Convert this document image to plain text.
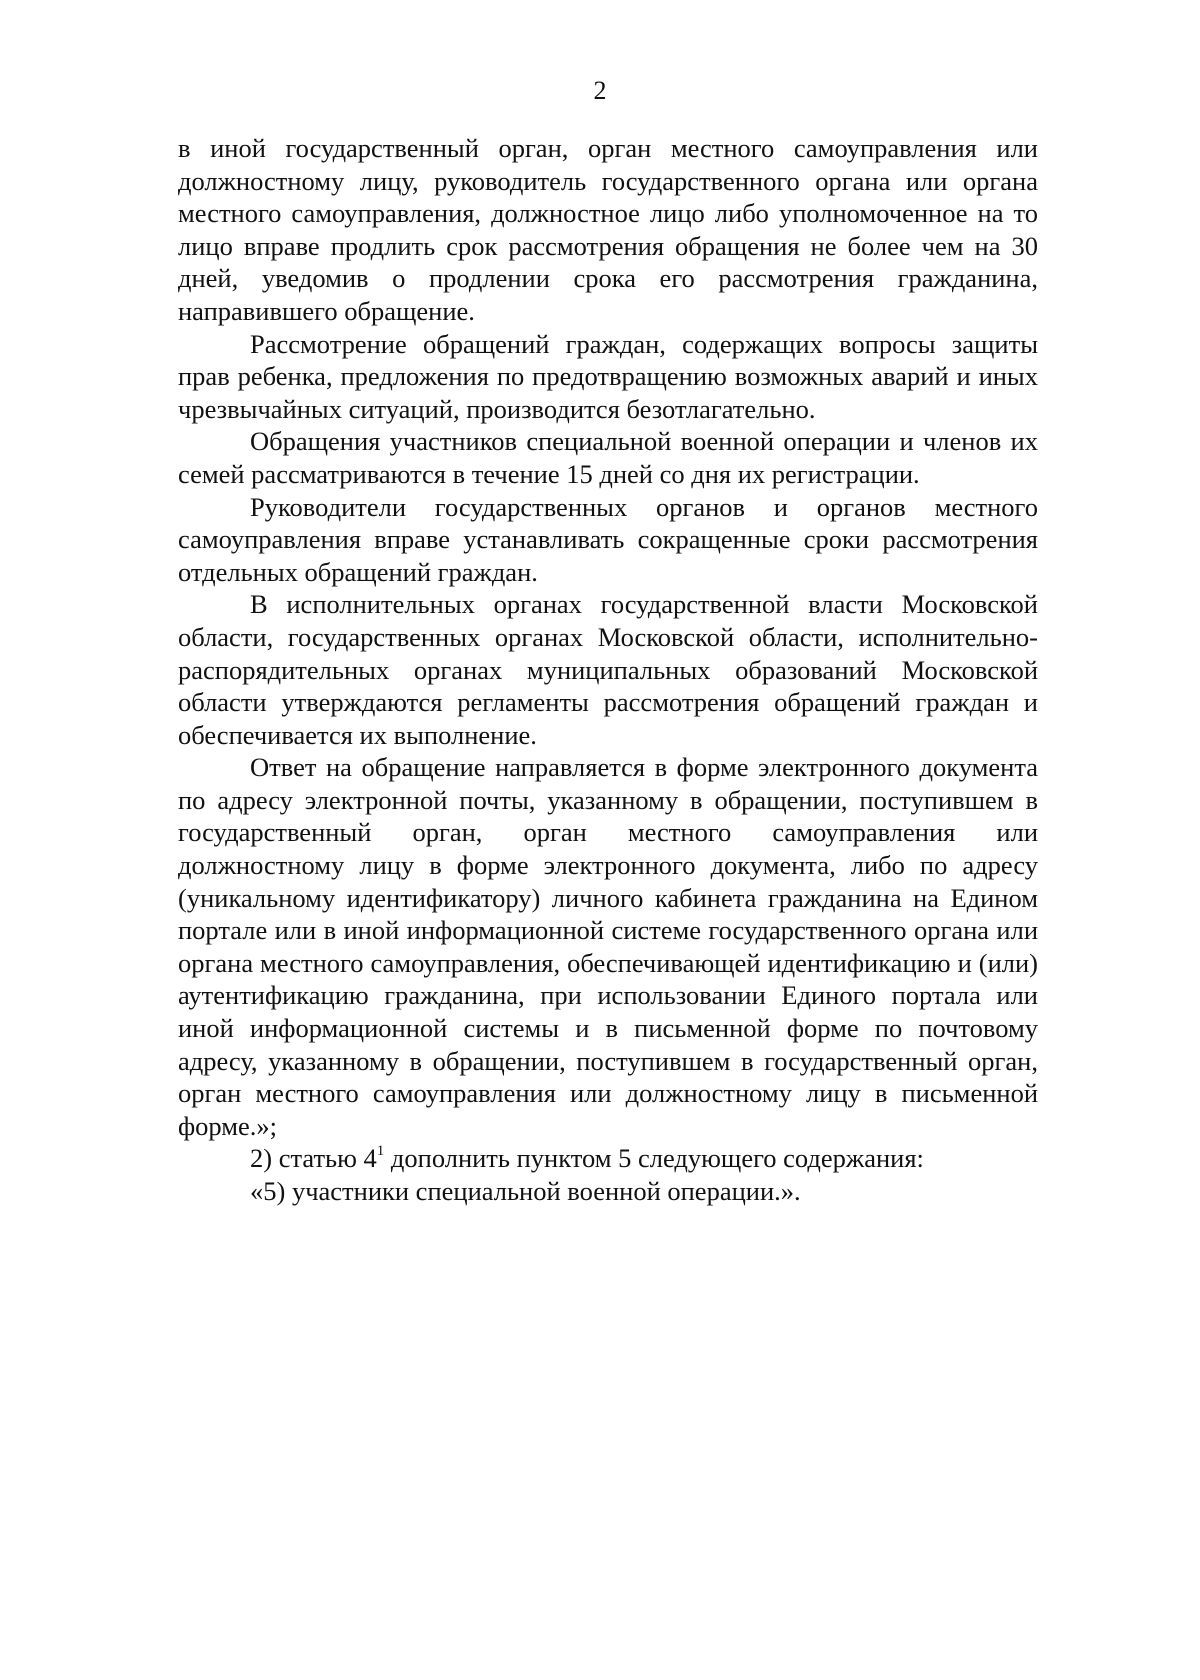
2

в иной государственный орган, орган местного самоуправления или должностному лицу, руководитель государственного органа или органа местного самоуправления, должностное лицо либо уполномоченное на то лицо вправе продлить срок рассмотрения обращения не более чем на 30 дней, уведомив о продлении срока его рассмотрения гражданина, направившего обращение.

Рассмотрение обращений граждан, содержащих вопросы защиты прав ребенка, предложения по предотвращению возможных аварий и иных чрезвычайных ситуаций, производится безотлагательно.

Обращения участников специальной военной операции и членов их семей рассматриваются в течение 15 дней со дня их регистрации.

Руководители государственных органов и органов местного самоуправления вправе устанавливать сокращенные сроки рассмотрения отдельных обращений граждан.

В исполнительных органах государственной власти Московской области, государственных органах Московской области, исполнительно-распорядительных органах муниципальных образований Московской области утверждаются регламенты рассмотрения обращений граждан и обеспечивается их выполнение.

Ответ на обращение направляется в форме электронного документа по адресу электронной почты, указанному в обращении, поступившем в государственный орган, орган местного самоуправления или должностному лицу в форме электронного документа, либо по адресу (уникальному идентификатору) личного кабинета гражданина на Едином портале или в иной информационной системе государственного органа или органа местного самоуправления, обеспечивающей идентификацию и (или) аутентификацию гражданина, при использовании Единого портала или иной информационной системы и в письменной форме по почтовому адресу, указанному в обращении, поступившем в государственный орган, орган местного самоуправления или должностному лицу в письменной форме.»;

2) статью $4^1$ дополнить пунктом 5 следующего содержания:

«5) участники специальной военной операции.».
